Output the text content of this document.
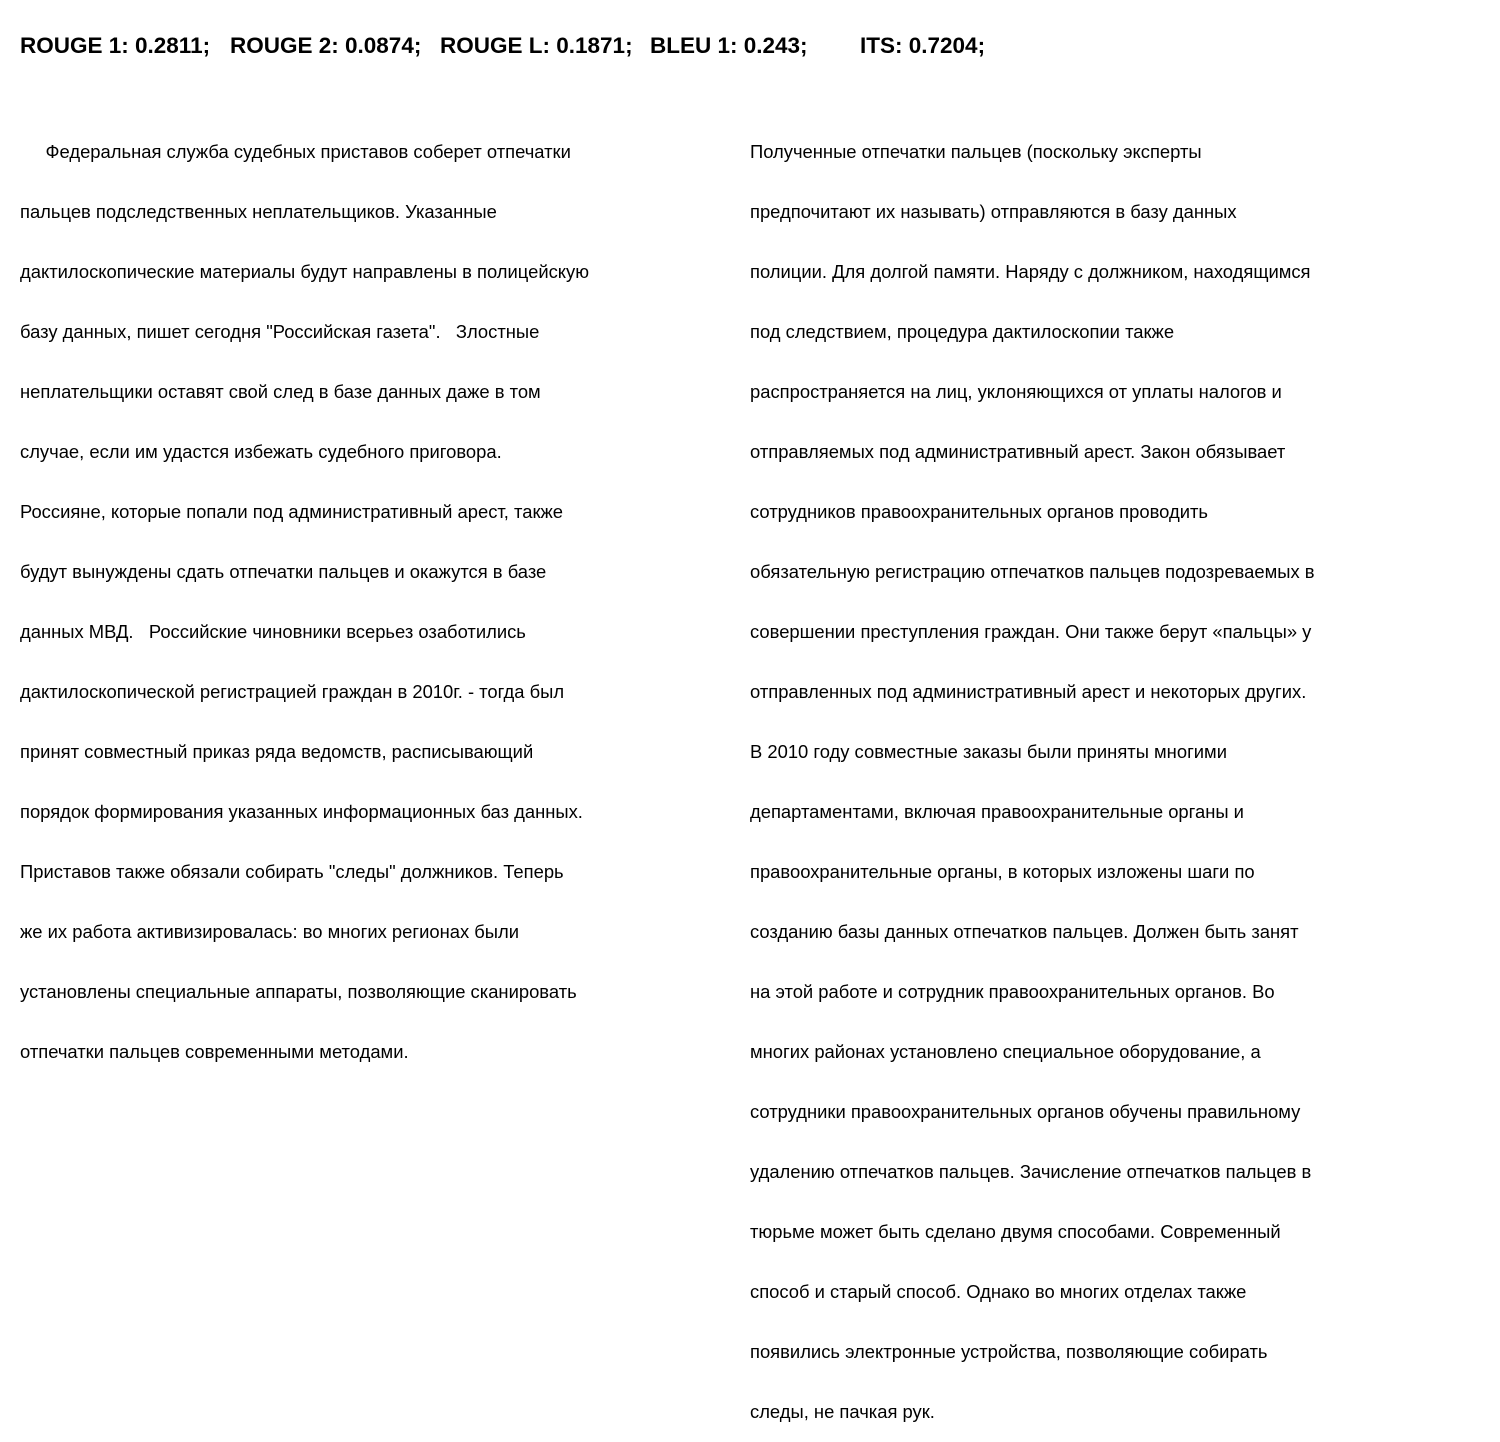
ROUGE 1: 0.2811;

ROUGE 2: 0.0874;

ROUGE L: 0.1871;

BLEU 1: 0.243;

ITS: 0.7204;

Федеральная служба судебных приставов соберет отпечатки

пальцев подследственных неплательщиков. Указанные

дактилоскопические материалы будут направлены в полицейскую

базу данных, пишет сегодня "Российская газета".   Злостные

неплательщики оставят свой след в базе данных даже в том

случае, если им удастся избежать судебного приговора.

Россияне, которые попали под административный арест, также

будут вынуждены сдать отпечатки пальцев и окажутся в базе

данных МВД.   Российские чиновники всерьез озаботились

дактилоскопической регистрацией граждан в 2010г. - тогда был

принят совместный приказ ряда ведомств, расписывающий

порядок формирования указанных информационных баз данных.

Приставов также обязали собирать "следы" должников. Теперь

же их работа активизировалась: во многих регионах были

установлены специальные аппараты, позволяющие сканировать

отпечатки пальцев современными методами.

Полученные отпечатки пальцев (поскольку эксперты

предпочитают их называть) отправляются в базу данных

полиции. Для долгой памяти. Наряду с должником, находящимся

под следствием, процедура дактилоскопии также

распространяется на лиц, уклоняющихся от уплаты налогов и

отправляемых под административный арест. Закон обязывает

сотрудников правоохранительных органов проводить

обязательную регистрацию отпечатков пальцев подозреваемых в

совершении преступления граждан. Они также берут «пальцы» у

отправленных под административный арест и некоторых других.

В 2010 году совместные заказы были приняты многими

департаментами, включая правоохранительные органы и

правоохранительные органы, в которых изложены шаги по

созданию базы данных отпечатков пальцев. Должен быть занят

на этой работе и сотрудник правоохранительных органов. Во

многих районах установлено специальное оборудование, а

сотрудники правоохранительных органов обучены правильному

удалению отпечатков пальцев. Зачисление отпечатков пальцев в

тюрьме может быть сделано двумя способами. Современный

способ и старый способ. Однако во многих отделах также

появились электронные устройства, позволяющие собирать

следы, не пачкая рук.
